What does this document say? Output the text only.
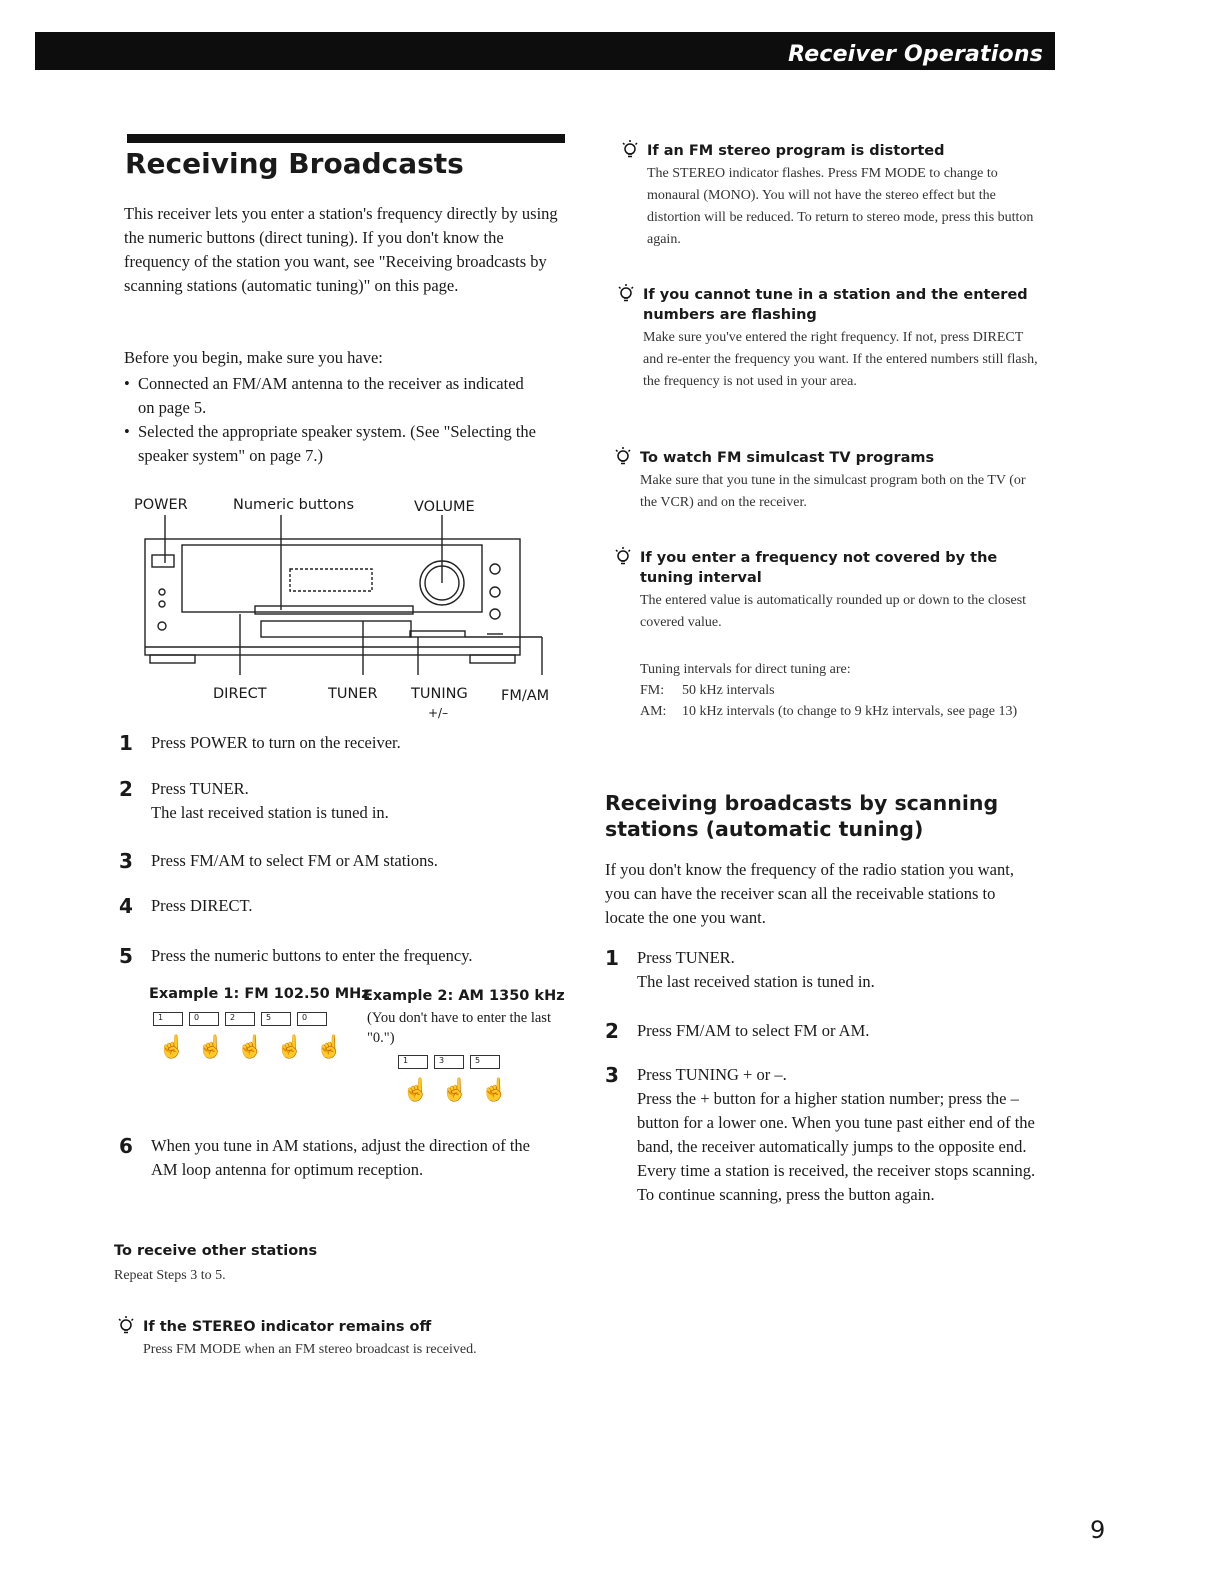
Receiver Operations
Receiving Broadcasts

This receiver lets you enter a station's frequency directly by using the numeric buttons (direct tuning). If you don't know the frequency of the station you want, see "Receiving broadcasts by scanning stations (automatic tuning)" on this page.

Before you begin, make sure you have:

• Connected an FM/AM antenna to the receiver as indicated on page 5.
• Selected the appropriate speaker system. (See "Selecting the speaker system" on page 7.)
POWER	Numeric buttons	VOLUME
DIRECT	TUNER TUNING
+/–
FM/AM
1	Press POWER to turn on the receiver.
2	Press TUNER.
The last received station is tuned in.
3	Press FM/AM to select FM or AM stations.
4	Press DIRECT.
5	Press the numeric buttons to enter the frequency.
Example 1: FM 102.50 MHz
Example 2: AM 1350 kHz
1	0	2	5	0
☝ ☝ ☝ ☝ ☝

(You don't have to enter the last "0.")

1	3	5
☝ ☝ ☝
6	When you tune in AM stations, adjust the direction of the AM loop antenna for optimum reception.

To receive other stations

Repeat Steps 3 to 5.

If the STEREO indicator remains off

Press FM MODE when an FM stereo broadcast is received.

If an FM stereo program is distorted

The STEREO indicator flashes. Press FM MODE to change to monaural (MONO). You will not have the stereo effect but the distortion will be reduced. To return to stereo mode, press this button again.

If you cannot tune in a station and the entered numbers are flashing

Make sure you've entered the right frequency. If not, press DIRECT and re-enter the frequency you want. If the entered numbers still flash, the frequency is not used in your area.

To watch FM simulcast TV programs

Make sure that you tune in the simulcast program both on the TV (or the VCR) and on the receiver.

If you enter a frequency not covered by the tuning interval

The entered value is automatically rounded up or down to the closest covered value.

Tuning intervals for direct tuning are:
FM:	50 kHz intervals
AM:	10 kHz intervals (to change to 9 kHz intervals, see page 13)
Receiving broadcasts by scanning stations (automatic tuning)

If you don't know the frequency of the radio station you want, you can have the receiver scan all the receivable stations to locate the one you want.

1	Press TUNER.
The last received station is tuned in.
2	Press FM/AM to select FM or AM.
3	Press TUNING + or –.
Press the + button for a higher station number; press the – button for a lower one. When you tune past either end of the band, the receiver automatically jumps to the opposite end. Every time a station is received, the receiver stops scanning. To continue scanning, press the button again.
9
